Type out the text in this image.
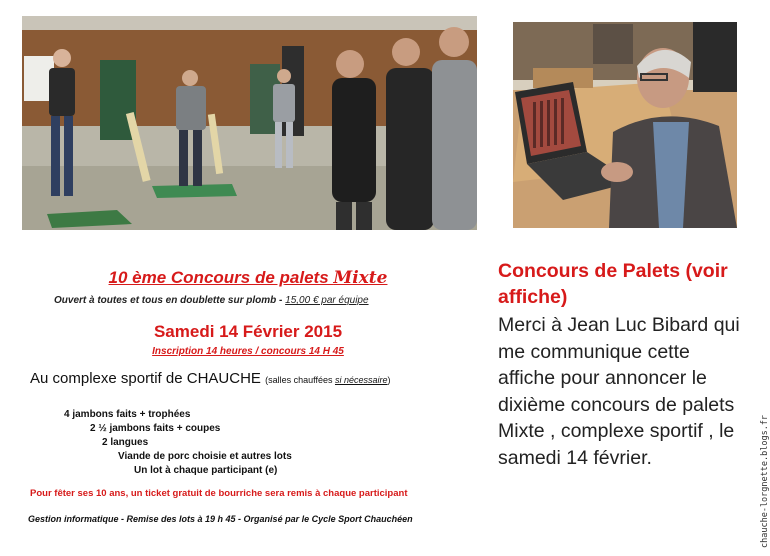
10 ème Concours de palets Mixte
Ouvert à toutes et tous en doublette sur plomb - 15,00 € par équipe
Samedi 14 Février 2015
Inscription 14 heures / concours 14 H 45
Au complexe sportif de CHAUCHE (salles chauffées si nécessaire)
4 jambons faits + trophées
2 ½ jambons faits + coupes
2 langues
Viande de porc choisie et autres lots
Un lot à chaque participant (e)
Pour fêter ses 10 ans, un ticket gratuit de bourriche sera remis à chaque participant
Gestion informatique - Remise des lots à 19 h 45 - Organisé par le Cycle Sport Chauchéen
Concours de Palets (voir affiche)
Merci à Jean Luc Bibard qui me communique cette affiche pour annoncer le dixième concours de palets Mixte , complexe sportif , le samedi 14 février.	chauche-lorgnette.blogs.fr
